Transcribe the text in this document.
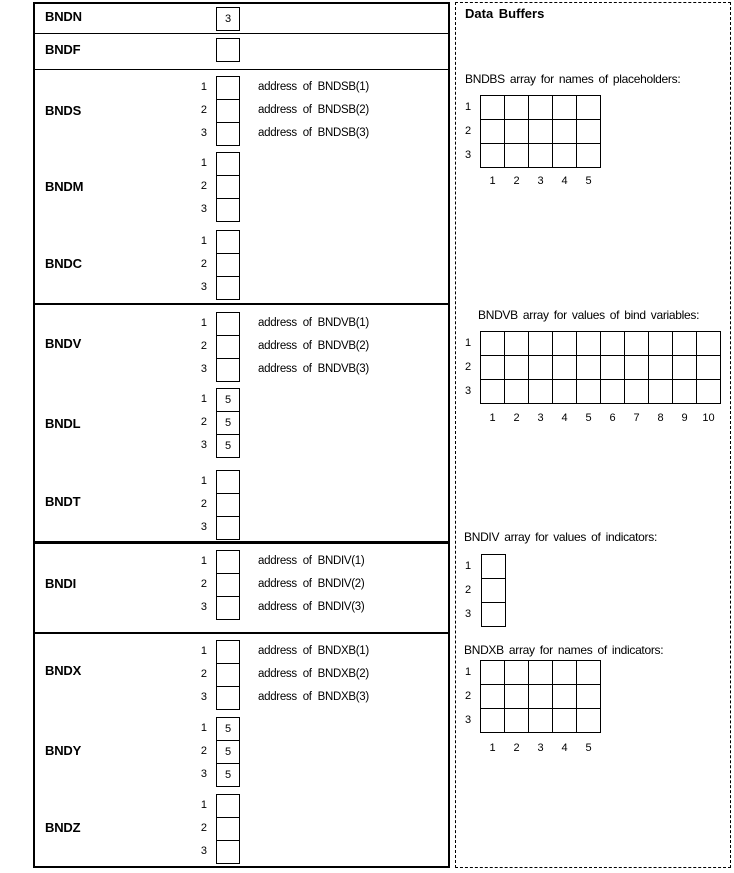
Data Buffers
BNDN	3
BNDF
BNDS
1	address of BNDSB(1)
2	address of BNDSB(2)
3	address of BNDSB(3)
BNDM
1
2
3
BNDC
1
2
3
BNDV
1	address of BNDVB(1)
2	address of BNDVB(2)
3	address of BNDVB(3)
BNDL
1	5
2	5
3	5
BNDT
1
2
3
BNDI
1	address of BNDIV(1)
2	address of BNDIV(2)
3	address of BNDIV(3)
BNDX
1	address of BNDXB(1)
2	address of BNDXB(2)
3	address of BNDXB(3)
BNDY
1	5
2	5
3	5
BNDZ
1
2
3
BNDBS array for names of placeholders:
1
2
3
1	2	3	4	5
BNDVB array for values of bind variables:
1
2
3
1	2	3	4	5	6	7	8	9	10
BNDIV array for values of indicators:
1
2
3
BNDXB array for names of indicators:
1
2
3
1	2	3	4	5
